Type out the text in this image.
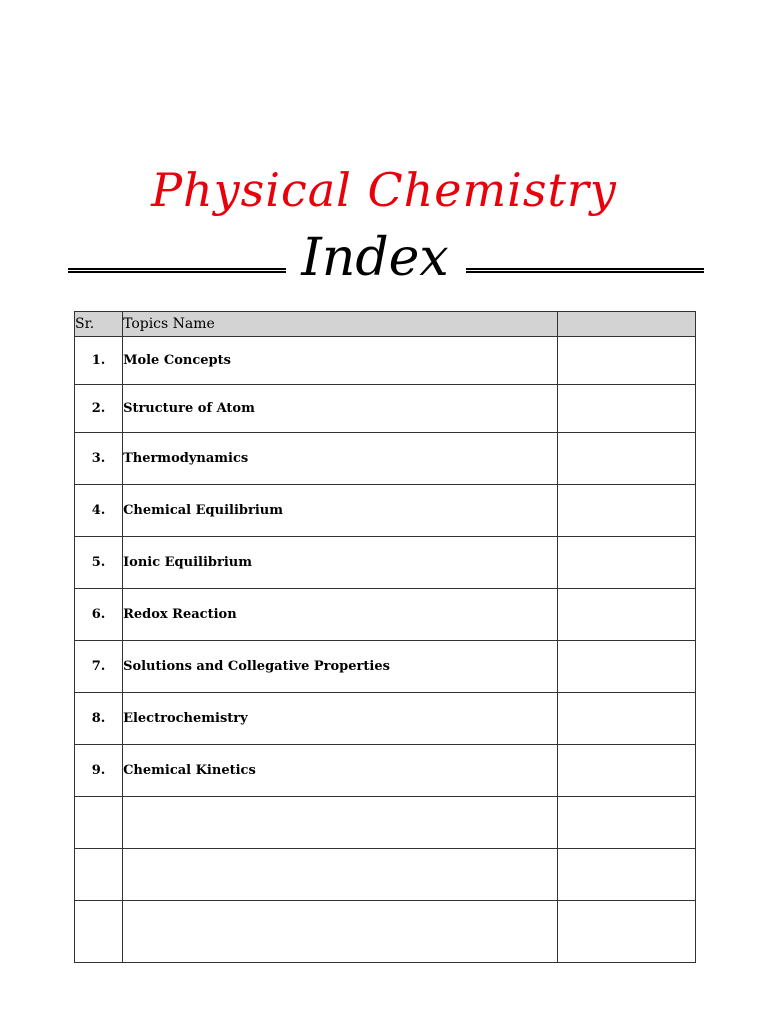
Physical Chemistry
Index
Sr.	Topics Name	
1.	Mole Concepts	
2.	Structure of Atom	
3.	Thermodynamics	
4.	Chemical Equilibrium	
5.	Ionic Equilibrium	
6.	Redox Reaction	
7.	Solutions and Collegative Properties	
8.	Electrochemistry	
9.	Chemical Kinetics	
